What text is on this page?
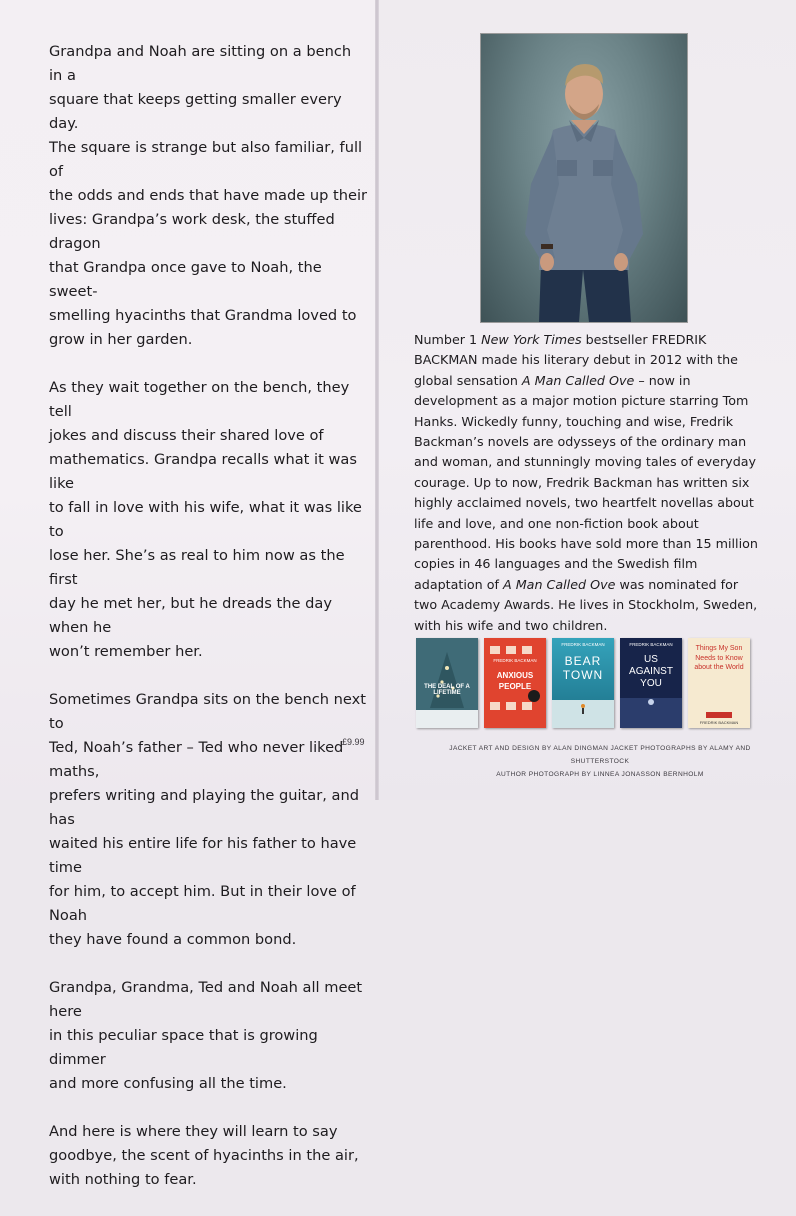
Grandpa and Noah are sitting on a bench in a
square that keeps getting smaller every day.
The square is strange but also familiar, full of
the odds and ends that have made up their
lives: Grandpa’s work desk, the stuffed dragon
that Grandpa once gave to Noah, the sweet-
smelling hyacinths that Grandma loved to
grow in her garden.

As they wait together on the bench, they tell
jokes and discuss their shared love of
mathematics. Grandpa recalls what it was like
to fall in love with his wife, what it was like to
lose her. She’s as real to him now as the first
day he met her, but he dreads the day when he
won’t remember her.

Sometimes Grandpa sits on the bench next to
Ted, Noah’s father – Ted who never liked maths,
prefers writing and playing the guitar, and has
waited his entire life for his father to have time
for him, to accept him. But in their love of Noah
they have found a common bond.

Grandpa, Grandma, Ted and Noah all meet here
in this peculiar space that is growing dimmer
and more confusing all the time.

And here is where they will learn to say
goodbye, the scent of hyacinths in the air,
with nothing to fear.

£9.99
Number 1 New York Times bestseller FREDRIK
BACKMAN made his literary debut in 2012 with the
global sensation A Man Called Ove – now in
development as a major motion picture starring Tom
Hanks. Wickedly funny, touching and wise, Fredrik
Backman’s novels are odysseys of the ordinary man
and woman, and stunningly moving tales of everyday
courage. Up to now, Fredrik Backman has written six
highly acclaimed novels, two heartfelt novellas about
life and love, and one non-fiction book about
parenthood. His books have sold more than 15 million
copies in 46 languages and the Swedish film
adaptation of A Man Called Ove was nominated for
two Academy Awards. He lives in Stockholm, Sweden,
with his wife and two children.
THE DEAL OF A LIFETIME
FREDRIK BACKMAN
ANXIOUS PEOPLE
FREDRIK BACKMAN
BEAR TOWN
FREDRIK BACKMAN
US AGAINST YOU
Things My Son Needs to Know about the World
FREDRIK BACKMAN
JACKET ART AND DESIGN BY ALAN DINGMAN JACKET PHOTOGRAPHS BY ALAMY AND SHUTTERSTOCK
AUTHOR PHOTOGRAPH BY LINNEA JONASSON BERNHOLM
